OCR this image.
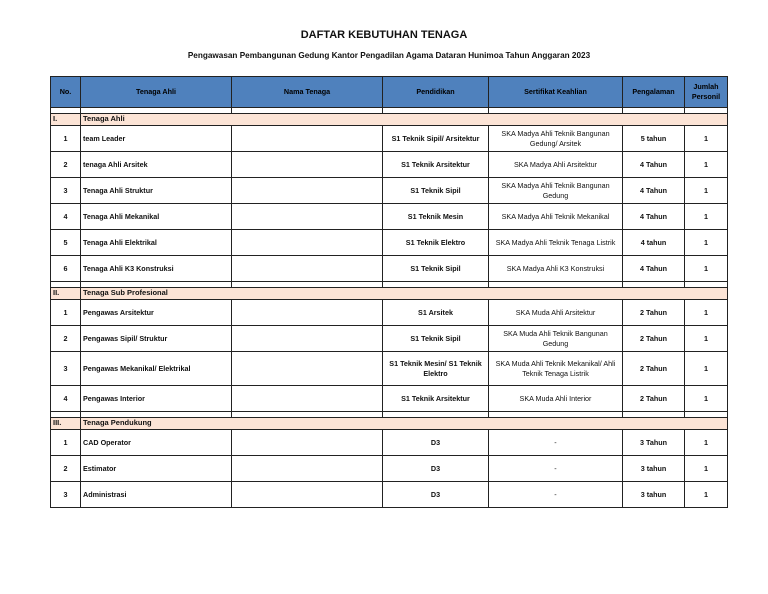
DAFTAR KEBUTUHAN TENAGA
Pengawasan Pembangunan Gedung Kantor Pengadilan Agama Dataran Hunimoa Tahun Anggaran 2023
No.	Tenaga Ahli	Nama Tenaga	Pendidikan	Sertifikat Keahlian	Pengalaman	Jumlah Personil

I.	Tenaga Ahli					
1	team Leader		S1 Teknik Sipil/ Arsitektur	SKA Madya Ahli Teknik Bangunan Gedung/ Arsitek	5 tahun	1
2	tenaga Ahli Arsitek		S1 Teknik Arsitektur	SKA Madya Ahli Arsitektur	4 Tahun	1
3	Tenaga Ahli Struktur		S1 Teknik Sipil	SKA Madya Ahli Teknik Bangunan Gedung	4 Tahun	1
4	Tenaga Ahli Mekanikal		S1 Teknik Mesin	SKA Madya Ahli Teknik Mekanikal	4 Tahun	1
5	Tenaga Ahli Elektrikal		S1 Teknik Elektro	SKA Madya Ahli Teknik Tenaga Listrik	4 tahun	1
6	Tenaga Ahli K3 Konstruksi		S1 Teknik Sipil	SKA Madya Ahli K3 Konstruksi	4 Tahun	1

II.	Tenaga Sub Profesional					
1	Pengawas Arsitektur		S1 Arsitek	SKA Muda Ahli Arsitektur	2 Tahun	1
2	Pengawas Sipil/ Struktur		S1 Teknik Sipil	SKA Muda Ahli Teknik Bangunan Gedung	2 Tahun	1
3	Pengawas Mekanikal/ Elektrikal		S1 Teknik Mesin/ S1 Teknik Elektro	SKA Muda Ahli Teknik Mekanikal/ Ahli Teknik Tenaga Listrik	2 Tahun	1
4	Pengawas Interior		S1 Teknik Arsitektur	SKA Muda Ahli Interior	2 Tahun	1

III.	Tenaga Pendukung					
1	CAD Operator		D3	-	3 Tahun	1
2	Estimator		D3	-	3 tahun	1
3	Administrasi		D3	-	3 tahun	1
